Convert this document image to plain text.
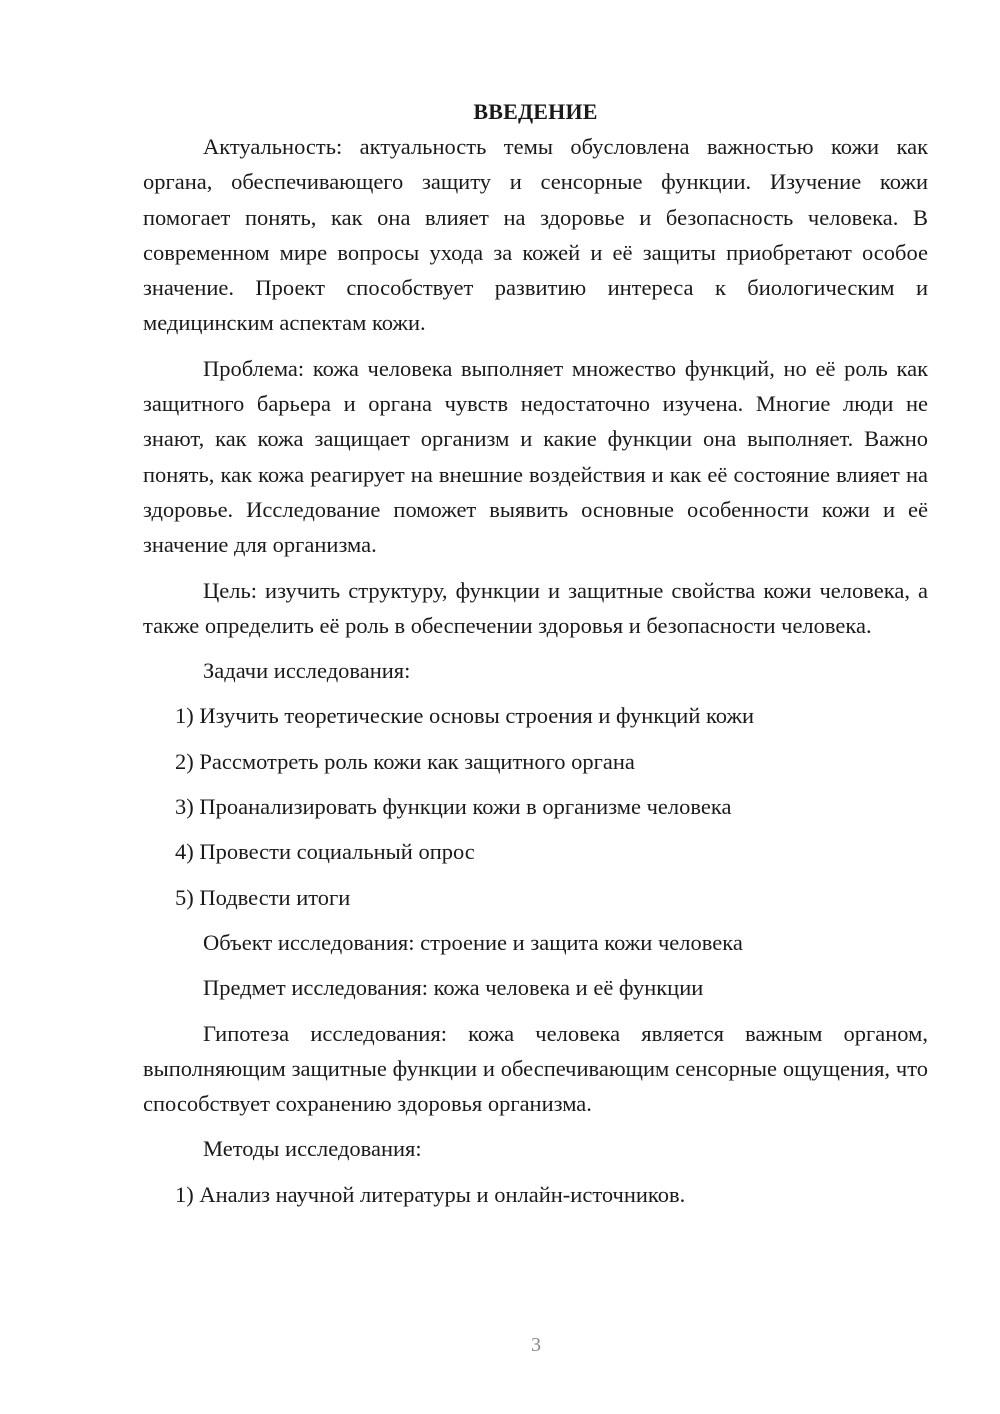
ВВЕДЕНИЕ

Актуальность: актуальность темы обусловлена важностью кожи как органа, обеспечивающего защиту и сенсорные функции. Изучение кожи помогает понять, как она влияет на здоровье и безопасность человека. В современном мире вопросы ухода за кожей и её защиты приобретают особое значение. Проект способствует развитию интереса к биологическим и медицинским аспектам кожи.

Проблема: кожа человека выполняет множество функций, но её роль как защитного барьера и органа чувств недостаточно изучена. Многие люди не знают, как кожа защищает организм и какие функции она выполняет. Важно понять, как кожа реагирует на внешние воздействия и как её состояние влияет на здоровье. Исследование поможет выявить основные особенности кожи и её значение для организма.

Цель: изучить структуру, функции и защитные свойства кожи человека, а также определить её роль в обеспечении здоровья и безопасности человека.

Задачи исследования:

1) Изучить теоретические основы строения и функций кожи
2) Рассмотреть роль кожи как защитного органа
3) Проанализировать функции кожи в организме человека
4) Провести социальный опрос
5) Подвести итоги

Объект исследования: строение и защита кожи человека

Предмет исследования: кожа человека и её функции

Гипотеза исследования: кожа человека является важным органом, выполняющим защитные функции и обеспечивающим сенсорные ощущения, что способствует сохранению здоровья организма.

Методы исследования:

1) Анализ научной литературы и онлайн-источников.
3
